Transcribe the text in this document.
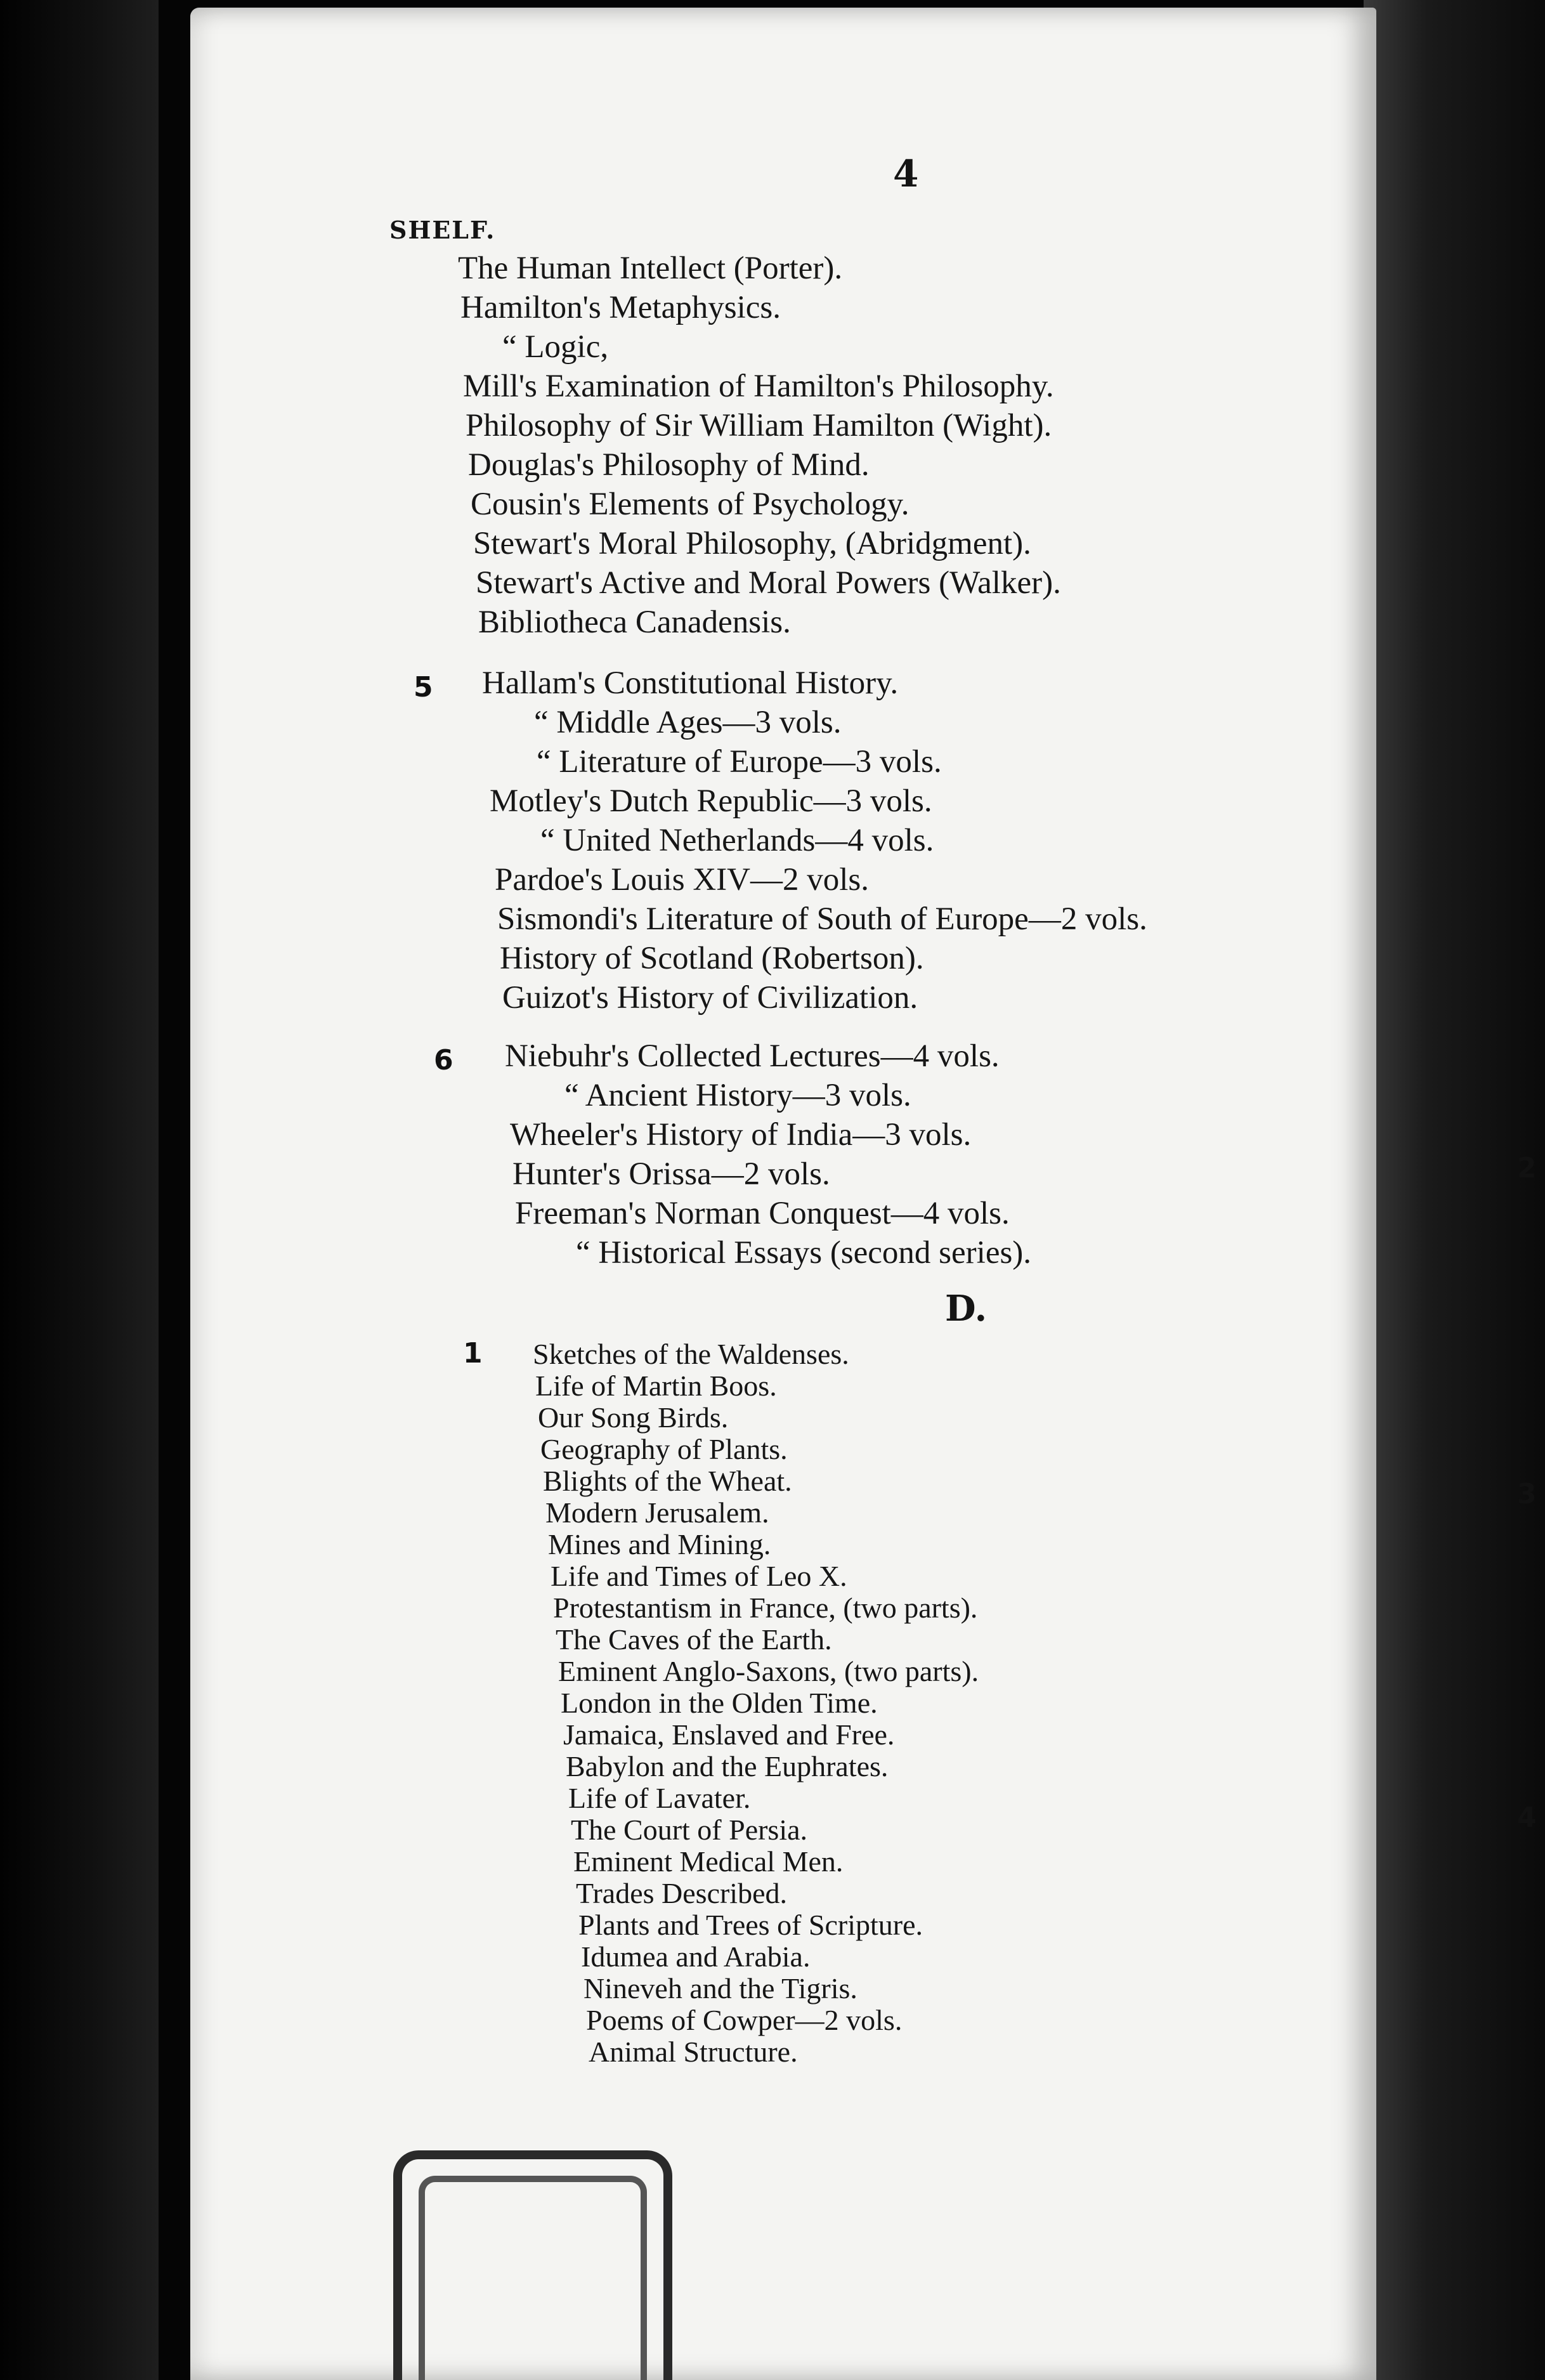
4
SHELF.
The Human Intellect (Porter).
Hamilton's Metaphysics.
“ Logic,
Mill's Examination of Hamilton's Philosophy.
Philosophy of Sir William Hamilton (Wight).
Douglas's Philosophy of Mind.
Cousin's Elements of Psychology.
Stewart's Moral Philosophy, (Abridgment).
Stewart's Active and Moral Powers (Walker).
Bibliotheca Canadensis.
5 Hallam's Constitutional History.
“ Middle Ages—3 vols.
“ Literature of Europe—3 vols.
Motley's Dutch Republic—3 vols.
“ United Netherlands—4 vols.
Pardoe's Louis XIV—2 vols.
Sismondi's Literature of South of Europe—2 vols.
History of Scotland (Robertson).
Guizot's History of Civilization.
6 Niebuhr's Collected Lectures—4 vols.
“ Ancient History—3 vols.
Wheeler's History of India—3 vols.
Hunter's Orissa—2 vols.
Freeman's Norman Conquest—4 vols.
“ Historical Essays (second series).
D.
1 Sketches of the Waldenses.
Life of Martin Boos.
Our Song Birds.
Geography of Plants.
Blights of the Wheat.
Modern Jerusalem.
Mines and Mining.
Life and Times of Leo X.
Protestantism in France, (two parts).
The Caves of the Earth.
Eminent Anglo-Saxons, (two parts).
London in the Olden Time.
Jamaica, Enslaved and Free.
Babylon and the Euphrates.
Life of Lavater.
The Court of Persia.
Eminent Medical Men.
Trades Described.
Plants and Trees of Scripture.
Idumea and Arabia.
Nineveh and the Tigris.
Poems of Cowper—2 vols.
Animal Structure.
2
3
4
